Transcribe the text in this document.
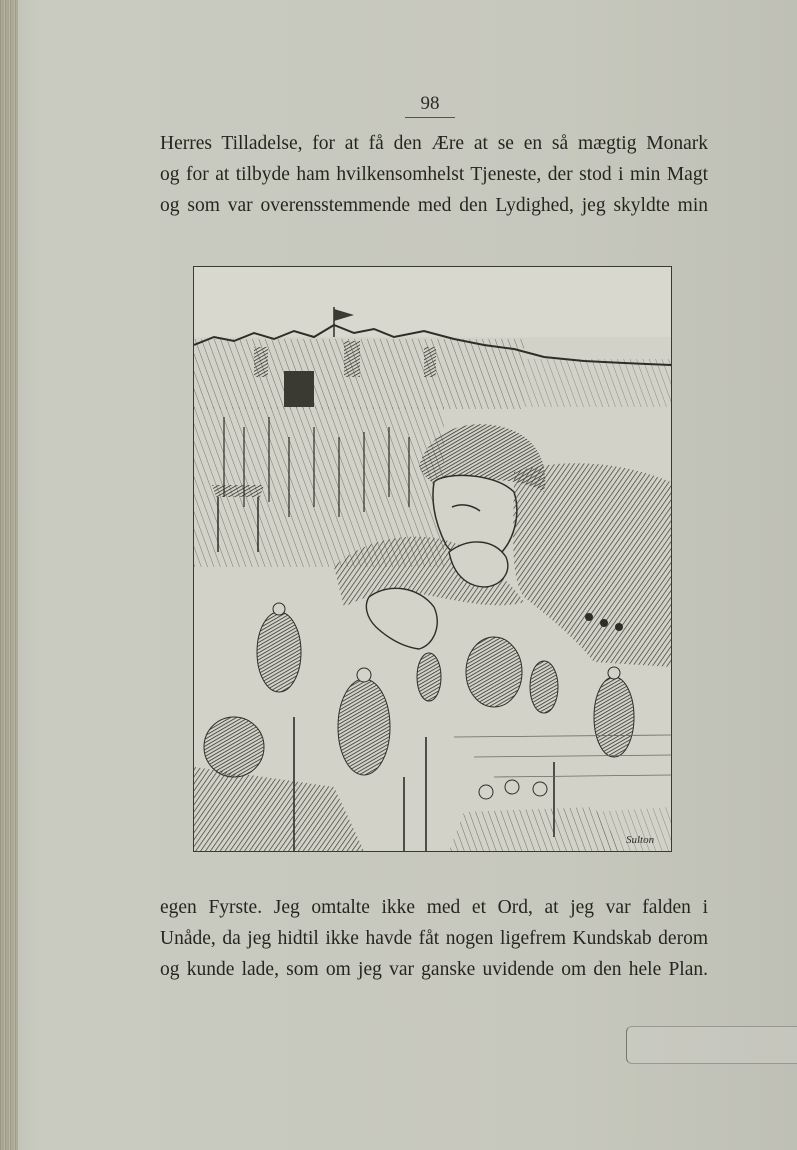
98
Herres Tilladelse, for at få den Ære at se en så mægtig Monark
og for at tilbyde ham hvilkensomhelst Tjeneste, der stod i min Magt
og som var overensstemmende med den Lydighed, jeg skyldte min
Sulton
egen Fyrste. Jeg omtalte ikke med et Ord, at jeg var falden i
Unåde, da jeg hidtil ikke havde fåt nogen ligefrem Kundskab derom
og kunde lade, som om jeg var ganske uvidende om den hele Plan.
